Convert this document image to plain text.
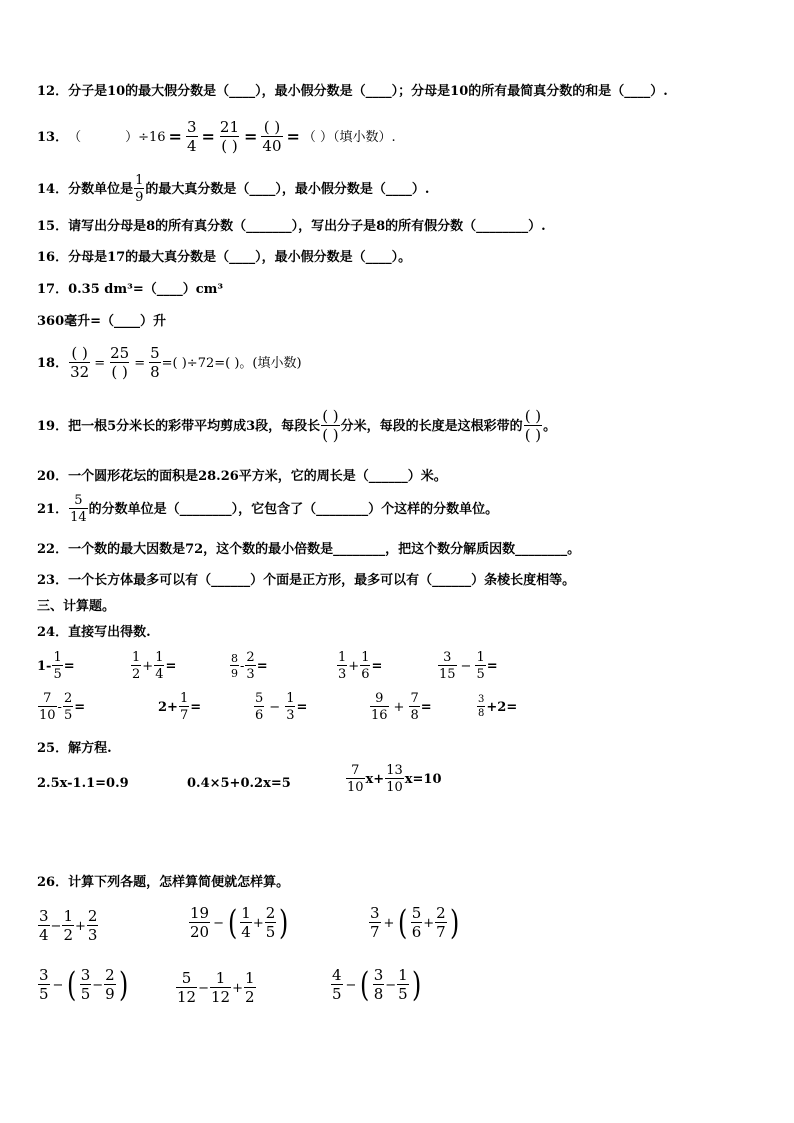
12．分子是10的最大假分数是（____），最小假分数是（____）；分母是10的所有最简真分数的和是（____）.
13． （	）$\div 16 = \frac{3}{4} = \frac{21}{( )} = \frac{( )}{40}$ = （ ）（填小数）.
14．分数单位是 $\frac{1}{9}$ 的最大真分数是（____），最小假分数是（____）.
15．请写出分母是8的所有真分数（_______），写出分子是8的所有假分数（________）.
16．分母是17的最大真分数是（____），最小假分数是（____）。
17．0.35 dm³=（____）cm³
360毫升=（____）升
18． $\frac{( )}{32} = \frac{25}{( )} = \frac{5}{8}$ =( )÷72=( )。(填小数)
19．把一根5分米长的彩带平均剪成3段，每段长 $\frac{( )}{( )}$ 分米，每段的长度是这根彩带的 $\frac{( )}{( )}$ 。
20．一个圆形花坛的面积是28.26平方米，它的周长是（______）米。
21． $\frac{5}{14}$ 的分数单位是（________），它包含了（________）个这样的分数单位。
22．一个数的最大因数是72，这个数的最小倍数是________，把这个数分解质因数________。
23．一个长方体最多可以有（______）个面是正方形，最多可以有（______）条棱长度相等。
三、计算题。
24．直接写出得数.
$1- \frac{1}{5}$ =	$\frac{1}{2} + \frac{1}{4}$ =	$\frac{8}{9} - \frac{2}{3}$ =	$\frac{1}{3} + \frac{1}{6}$ =	$\frac{3}{15} - \frac{1}{5}$ =
$\frac{7}{10} - \frac{2}{5}$ =	$2+ \frac{1}{7}$ =	$\frac{5}{6} - \frac{1}{3}$ =	$\frac{9}{16} + \frac{7}{8}$ =	$\frac{3}{8} +2=$
25．解方程.
2.5x-1.1=0.9	0.4×5+0.2x=5	$\frac{7}{10} x+ \frac{13}{10} x=10$
26．计算下列各题，怎样算简便就怎样算。
$\frac{3}{4} - \frac{1}{2} + \frac{2}{3}$	$\frac{19}{20}$ − ( $\frac{1}{4} + \frac{2}{5}$ )	$\frac{3}{7}$ + ( $\frac{5}{6} + \frac{2}{7}$ )
$\frac{3}{5}$ − ( $\frac{3}{5} - \frac{2}{9}$ )	$\frac{5}{12} - \frac{1}{12} + \frac{1}{2}$	$\frac{4}{5}$ − ( $\frac{3}{8} - \frac{1}{5}$ )
